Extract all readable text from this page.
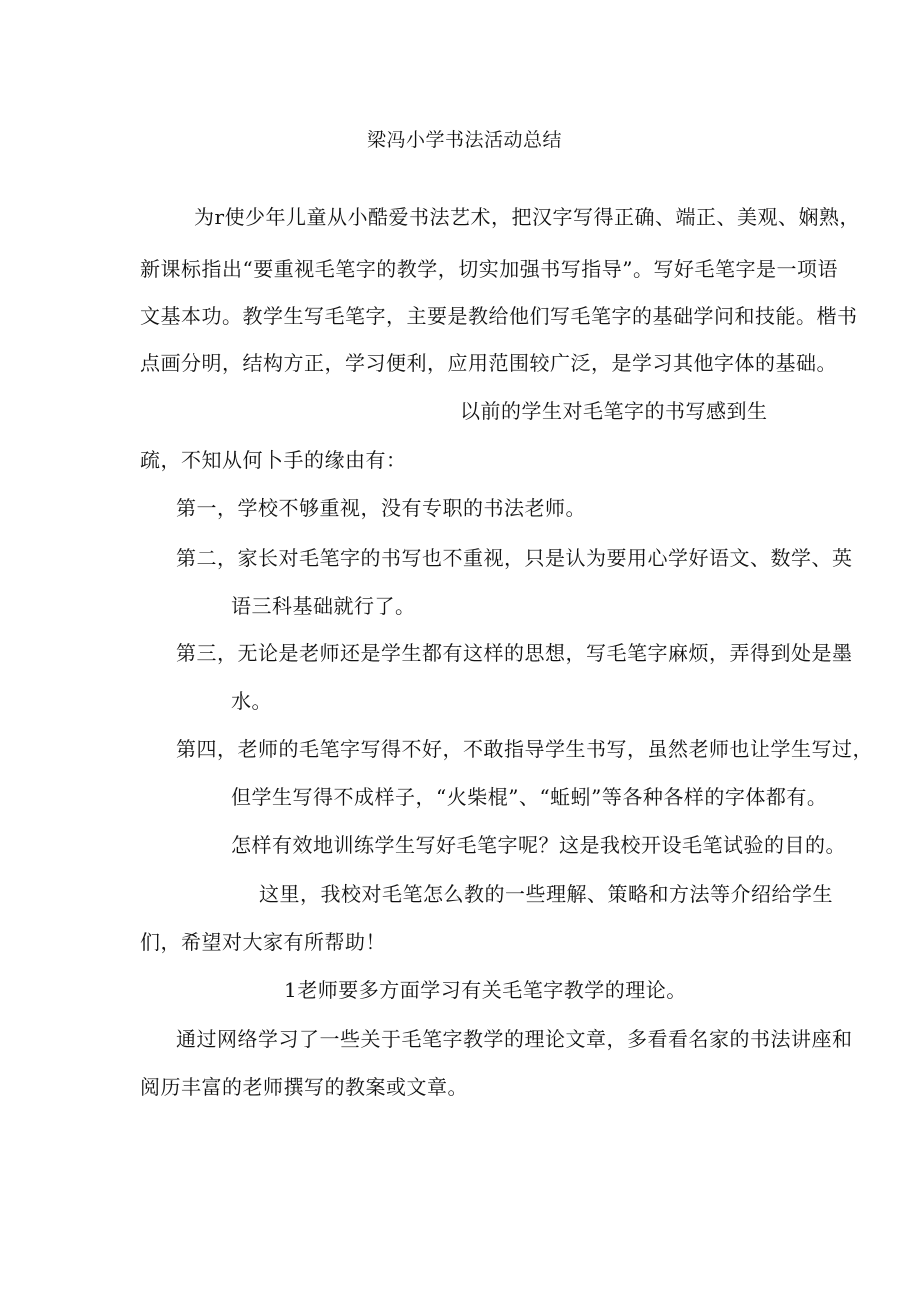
梁冯小学书法活动总结
为r使少年儿童从小酷爱书法艺术，把汉字写得正确、端正、美观、娴熟，
新课标指出“要重视毛笔字的教学，切实加强书写指导”。写好毛笔字是一项语
文基本功。教学生写毛笔字，主要是教给他们写毛笔字的基础学问和技能。楷书
点画分明，结构方正，学习便利，应用范围较广泛，是学习其他字体的基础。
以前的学生对毛笔字的书写感到生
疏，不知从何卜手的缘由有：
第一，学校不够重视，没有专职的书法老师。
第二，家长对毛笔字的书写也不重视，只是认为要用心学好语文、数学、英
语三科基础就行了。
第三，无论是老师还是学生都有这样的思想，写毛笔字麻烦，弄得到处是墨
水。
第四，老师的毛笔字写得不好，不敢指导学生书写，虽然老师也让学生写过，
但学生写得不成样子，“火柴棍”、“蚯蚓”等各种各样的字体都有。
怎样有效地训练学生写好毛笔字呢？这是我校开设毛笔试验的目的。
这里，我校对毛笔怎么教的一些理解、策略和方法等介绍给学生
们，希望对大家有所帮助！
1老师要多方面学习有关毛笔字教学的理论。
通过网络学习了一些关于毛笔字教学的理论文章，多看看名家的书法讲座和
阅历丰富的老师撰写的教案或文章。
